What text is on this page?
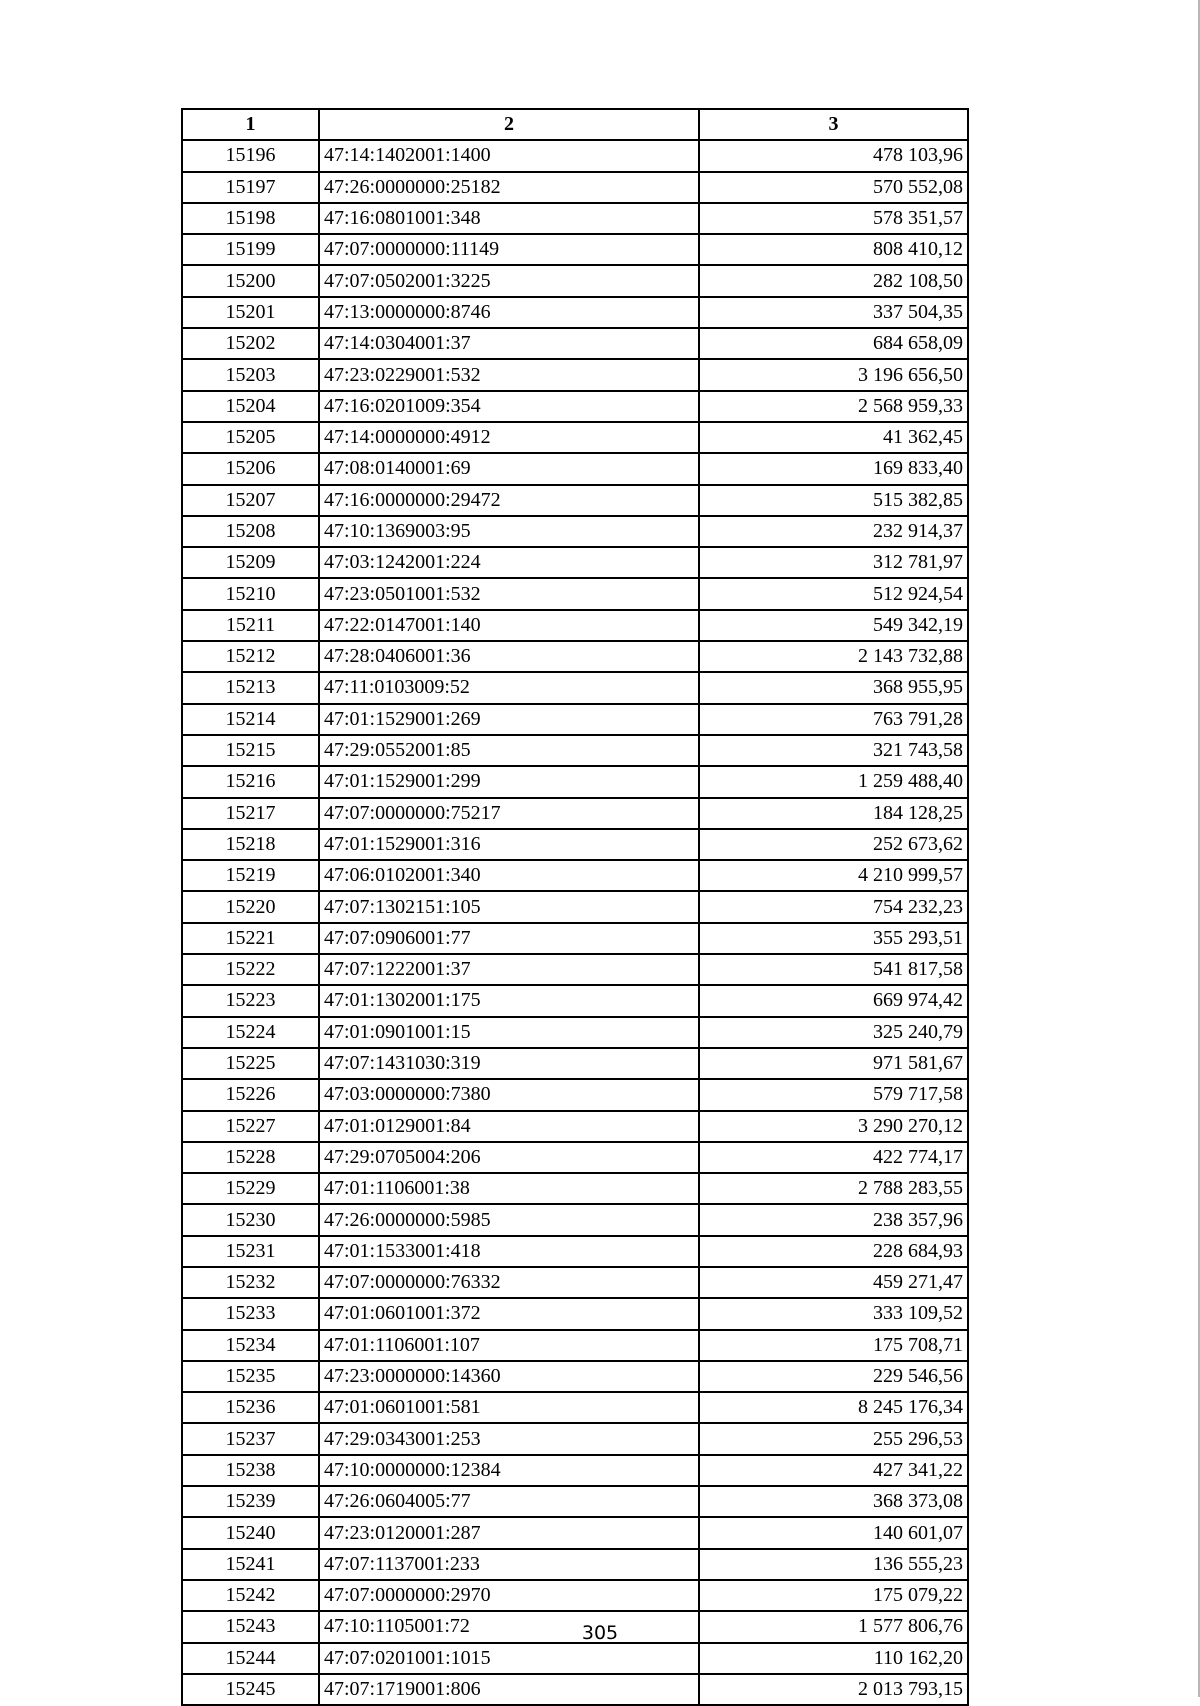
1	2	3
15196	47:14:1402001:1400	478 103,96
15197	47:26:0000000:25182	570 552,08
15198	47:16:0801001:348	578 351,57
15199	47:07:0000000:11149	808 410,12
15200	47:07:0502001:3225	282 108,50
15201	47:13:0000000:8746	337 504,35
15202	47:14:0304001:37	684 658,09
15203	47:23:0229001:532	3 196 656,50
15204	47:16:0201009:354	2 568 959,33
15205	47:14:0000000:4912	41 362,45
15206	47:08:0140001:69	169 833,40
15207	47:16:0000000:29472	515 382,85
15208	47:10:1369003:95	232 914,37
15209	47:03:1242001:224	312 781,97
15210	47:23:0501001:532	512 924,54
15211	47:22:0147001:140	549 342,19
15212	47:28:0406001:36	2 143 732,88
15213	47:11:0103009:52	368 955,95
15214	47:01:1529001:269	763 791,28
15215	47:29:0552001:85	321 743,58
15216	47:01:1529001:299	1 259 488,40
15217	47:07:0000000:75217	184 128,25
15218	47:01:1529001:316	252 673,62
15219	47:06:0102001:340	4 210 999,57
15220	47:07:1302151:105	754 232,23
15221	47:07:0906001:77	355 293,51
15222	47:07:1222001:37	541 817,58
15223	47:01:1302001:175	669 974,42
15224	47:01:0901001:15	325 240,79
15225	47:07:1431030:319	971 581,67
15226	47:03:0000000:7380	579 717,58
15227	47:01:0129001:84	3 290 270,12
15228	47:29:0705004:206	422 774,17
15229	47:01:1106001:38	2 788 283,55
15230	47:26:0000000:5985	238 357,96
15231	47:01:1533001:418	228 684,93
15232	47:07:0000000:76332	459 271,47
15233	47:01:0601001:372	333 109,52
15234	47:01:1106001:107	175 708,71
15235	47:23:0000000:14360	229 546,56
15236	47:01:0601001:581	8 245 176,34
15237	47:29:0343001:253	255 296,53
15238	47:10:0000000:12384	427 341,22
15239	47:26:0604005:77	368 373,08
15240	47:23:0120001:287	140 601,07
15241	47:07:1137001:233	136 555,23
15242	47:07:0000000:2970	175 079,22
15243	47:10:1105001:72	1 577 806,76
15244	47:07:0201001:1015	110 162,20
15245	47:07:1719001:806	2 013 793,15
305
